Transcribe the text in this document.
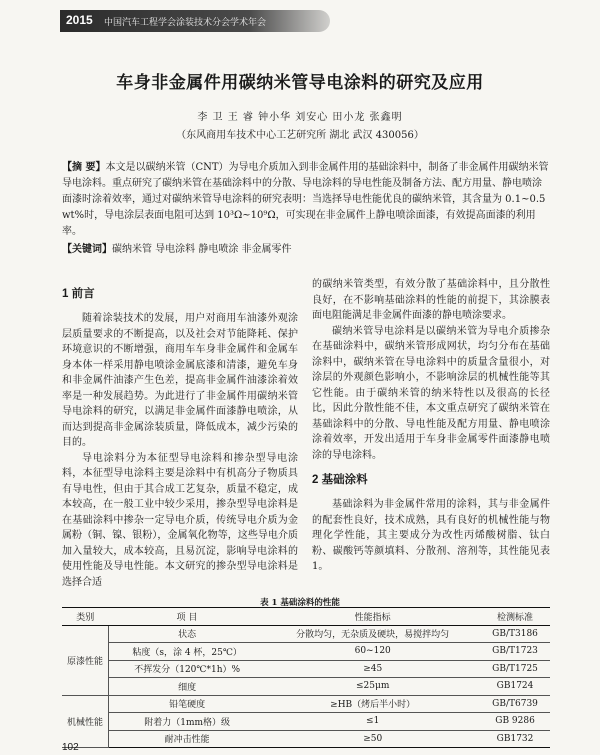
2015 中国汽车工程学会涂装技术分会学术年会
车身非金属件用碳纳米管导电涂料的研究及应用
李 卫 王 睿 钟小华 刘安心 田小龙 张鑫明
（东风商用车技术中心工艺研究所 湖北 武汉 430056）
【摘 要】本文是以碳纳米管（CNT）为导电介质加入到非金属件用的基础涂料中，制备了非金属件用碳纳米管导电涂料。重点研究了碳纳米管在基础涂料中的分散、导电涂料的导电性能及制备方法、配方用量、静电喷涂面漆时涂着效率，通过对碳纳米管导电涂料的研究表明：当选择导电性能优良的碳纳米管，其含量为 0.1~0.5 wt%时，导电涂层表面电阻可达到 10³Ω~10⁹Ω，可实现在非金属件上静电喷涂面漆，有效提高面漆的利用率。
【关键词】碳纳米管 导电涂料 静电喷涂 非金属零件
1 前言

随着涂装技术的发展，用户对商用车油漆外观涂层质量要求的不断提高，以及社会对节能降耗、保护环境意识的不断增强，商用车车身非金属件和金属车身本体一样采用静电喷涂金属底漆和清漆，避免车身和非金属件油漆产生色差，提高非金属件油漆涂着效率是一种发展趋势。为此进行了非金属件用碳纳米管导电涂料的研究，以满足非金属件面漆静电喷涂，从而达到提高非金属涂装质量，降低成本，减少污染的目的。

导电涂料分为本征型导电涂料和掺杂型导电涂料，本征型导电涂料主要是涂料中有机高分子物质具有导电性，但由于其合成工艺复杂，质量不稳定，成本较高，在一般工业中较少采用，掺杂型导电涂料是在基础涂料中掺杂一定导电介质，传统导电介质为金属粉（铜、镍、银粉），金属氧化物等，这些导电介质加入量较大，成本较高，且易沉淀，影响导电涂料的使用性能及导电性能。本文研究的掺杂型导电涂料是选择合适

的碳纳米管类型，有效分散了基础涂料中，且分散性良好，在不影响基础涂料的性能的前提下，其涂膜表面电阻能满足非金属件面漆的静电喷涂要求。

碳纳米管导电涂料是以碳纳米管为导电介质掺杂在基础涂料中，碳纳米管形成网状，均匀分布在基础涂料中，碳纳米管在导电涂料中的质量含量很小，对涂层的外观颜色影响小，不影响涂层的机械性能等其它性能。由于碳纳米管的纳米特性以及很高的长径比，因此分散性能不佳，本文重点研究了碳纳米管在基础涂料中的分散、导电性能及配方用量、静电喷涂涂着效率，开发出适用于车身非金属零件面漆静电喷涂的导电涂料。

2 基础涂料

基础涂料为非金属件常用的涂料，其与非金属件的配套性良好，技术成熟，具有良好的机械性能与物理化学性能，其主要成分为改性丙烯酸树脂、钛白粉、碳酸钙等颜填料、分散剂、溶剂等，其性能见表 1。

表 1 基础涂料的性能
类别	项 目	性能指标	检测标准
原漆性能	状态	分散均匀，无杂质及硬块，易搅拌均匀	GB/T3186
	粘度（s，涂 4 杯，25℃）	60~120	GB/T1723
	不挥发分（120℃*1h）%	≥45	GB/T1725
	细度	≤25μm	GB1724
机械性能	铅笔硬度	≥HB（烤后半小时）	GB/T6739
	附着力（1mm格）级	≤1	GB 9286
	耐冲击性能	≥50	GB1732
102
